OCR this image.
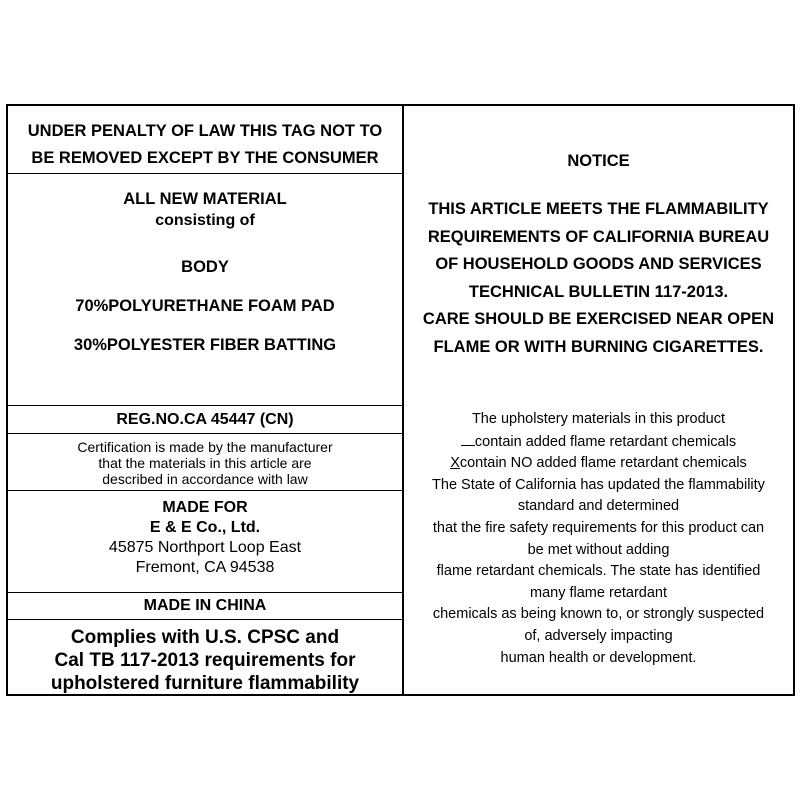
UNDER PENALTY OF LAW THIS TAG NOT TO
BE REMOVED EXCEPT BY THE CONSUMER
ALL NEW MATERIAL
consisting of
BODY
70%POLYURETHANE FOAM PAD
30%POLYESTER FIBER BATTING
REG.NO.CA 45447 (CN)
Certification is made by the manufacturer
that the materials in this article are
described in accordance with law
MADE FOR
E & E Co., Ltd.
45875 Northport Loop East
Fremont, CA 94538
MADE IN CHINA
Complies with U.S. CPSC and
Cal TB 117-2013 requirements for
upholstered furniture flammability
NOTICE
THIS ARTICLE MEETS THE FLAMMABILITY
REQUIREMENTS OF CALIFORNIA BUREAU
OF HOUSEHOLD GOODS AND SERVICES
TECHNICAL BULLETIN 117-2013.
CARE SHOULD BE EXERCISED NEAR OPEN
FLAME OR WITH BURNING CIGARETTES.
The upholstery materials in this product
contain added flame retardant chemicals
Xcontain NO added flame retardant chemicals
The State of California has updated the flammability
standard and determined
that the fire safety requirements for this product can
be met without adding
flame retardant chemicals. The state has identified
many flame retardant
chemicals as being known to, or strongly suspected
of, adversely impacting
human health or development.
